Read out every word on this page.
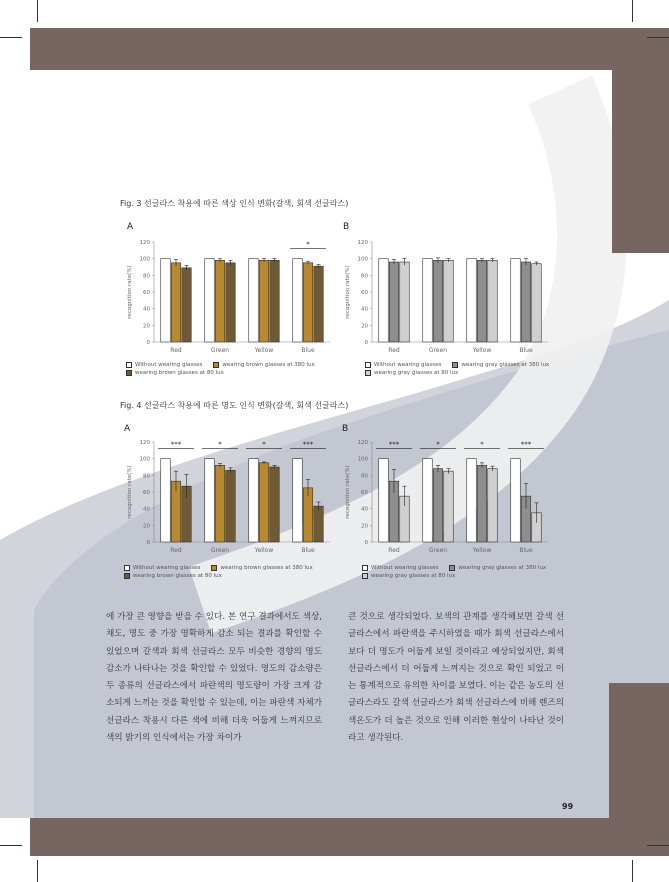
Fig. 3 선글라스 착용에 따른 색상 인식 변화(갈색, 회색 선글라스)
A	B
recognition rate(%)
0
20
40
60
80
100
120
Red	Green	Yellow	Blue
*
recognition rate(%)
0
20
40
60
80
100
120
Red	Green	Yellow	Blue
Without wearing glasses	wearing brown glasses at 380 lux
wearing brown glasses at 80 lux
Without wearing glasses	wearing gray glasses at 380 lux
wearing gray glasses at 80 lux
Fig. 4 선글라스 착용에 따른 명도 인식 변화(갈색, 회색 선글라스)
A	B
recognition rate(%)
0
20
40
60
80
100
120
Red
***
Green
*
Yellow
*
Blue
***
recognition rate(%)
0
20
40
60
80
100
120
Red
***
Green
*
Yellow
*
Blue
***
Without wearing glasses	wearing brown glasses at 380 lux
wearing brown glasses at 80 lux
Without wearing glasses	wearing gray glasses at 380 lux
wearing gray glasses at 80 lux
에 가장 큰 영향을 받을 수 있다. 본 연구 결과에서도 색상, 채도, 명도 중 가장 명확하게 감소 되는 결과를 확인할 수 있었으며 갈색과 회색 선글라스 모두 비슷한 경향의 명도 감소가 나타나는 것을 확인할 수 있었다. 명도의 감소량은 두 종류의 선글라스에서 파란색의 명도량이 가장 크게 감소되게 느끼는 것을 확인할 수 있는데, 이는 파란색 자체가 선글라스 착용시 다른 색에 비해 더욱 어둡게 느껴지므로 색의 밝기의 인식에서는 가장 차이가
큰 것으로 생각되었다. 보색의 관계를 생각해보면 갈색 선글라스에서 파란색을 주시하였을 때가 회색 선글라스에서 보다 더 명도가 어둡게 보일 것이라고 예상되었지만, 회색 선글라스에서 더 어둡게 느껴지는 것으로 확인 되었고 이는 통계적으로 유의한 차이를 보였다. 이는 같은 농도의 선글라스라도 갈색 선글라스가 회색 선글라스에 비해 렌즈의 색온도가 더 높은 것으로 인해 이러한 현상이 나타난 것이라고 생각된다.
99
